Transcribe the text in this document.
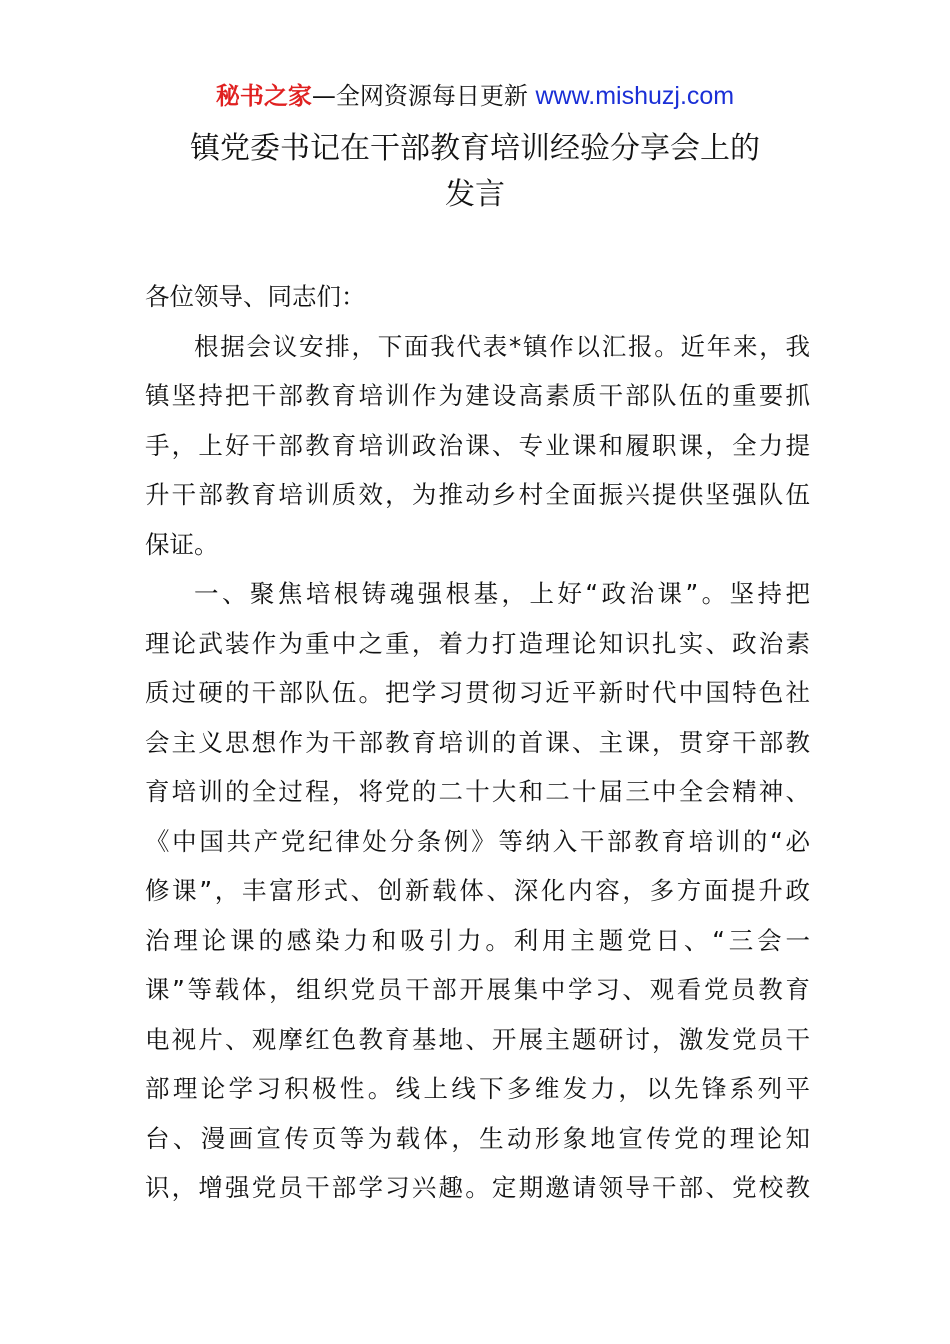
秘书之家—全网资源每日更新 www.mishuzj.com
镇党委书记在干部教育培训经验分享会上的
发言
各位领导、同志们：
根据会议安排，下面我代表*镇作以汇报。近年来，我
镇坚持把干部教育培训作为建设高素质干部队伍的重要抓
手，上好干部教育培训政治课、专业课和履职课，全力提
升干部教育培训质效，为推动乡村全面振兴提供坚强队伍
保证。
一、聚焦培根铸魂强根基，上好“政治课”。坚持把
理论武装作为重中之重，着力打造理论知识扎实、政治素
质过硬的干部队伍。把学习贯彻习近平新时代中国特色社
会主义思想作为干部教育培训的首课、主课，贯穿干部教
育培训的全过程，将党的二十大和二十届三中全会精神、
《中国共产党纪律处分条例》等纳入干部教育培训的“必
修课”，丰富形式、创新载体、深化内容，多方面提升政
治理论课的感染力和吸引力。利用主题党日、“三会一
课”等载体，组织党员干部开展集中学习、观看党员教育
电视片、观摩红色教育基地、开展主题研讨，激发党员干
部理论学习积极性。线上线下多维发力，以先锋系列平
台、漫画宣传页等为载体，生动形象地宣传党的理论知
识，增强党员干部学习兴趣。定期邀请领导干部、党校教
